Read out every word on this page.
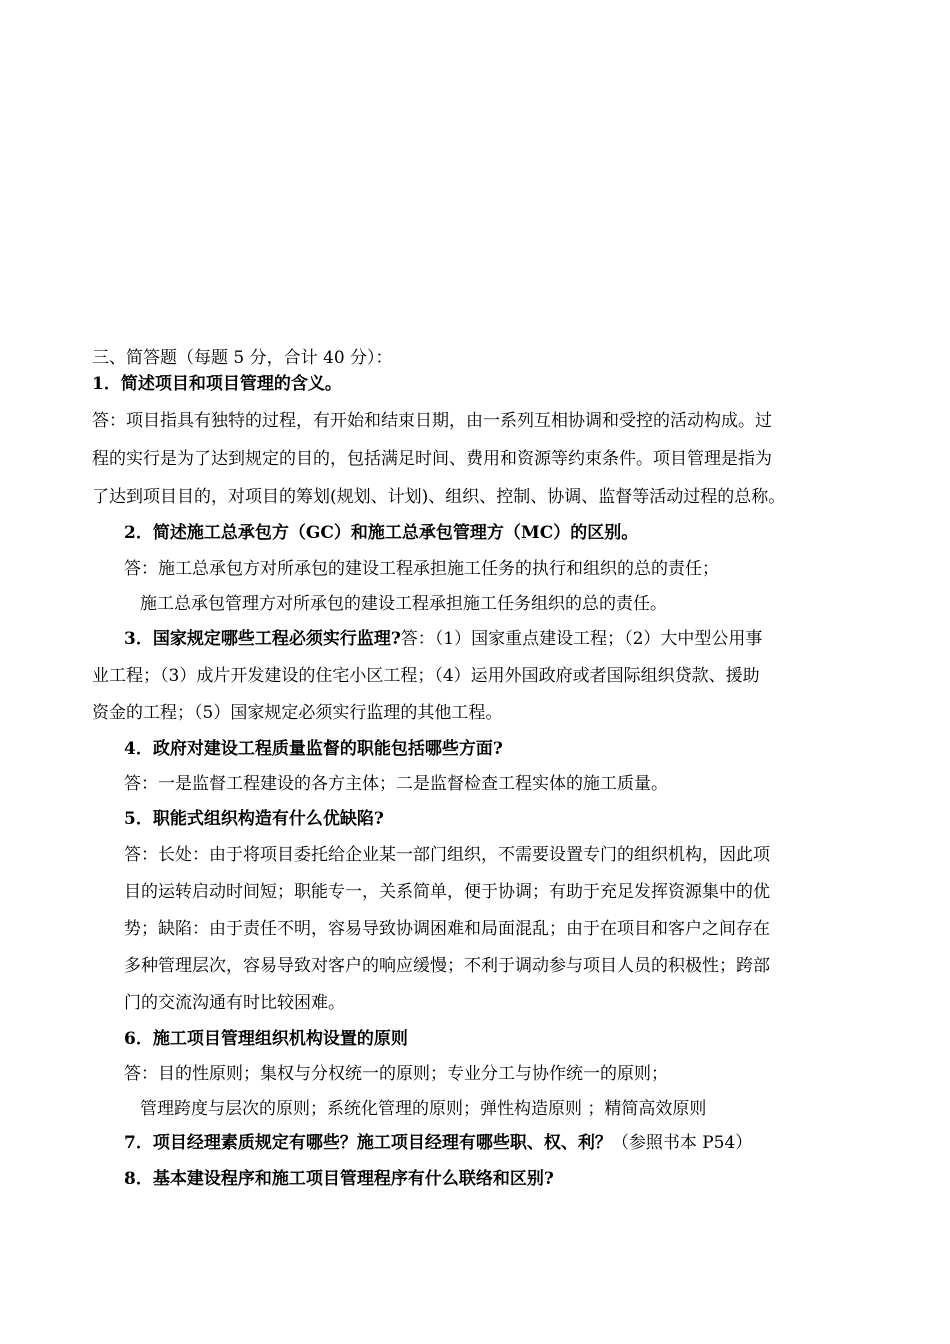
三、简答题（每题 5 分，合计 40 分）：
1．简述项目和项目管理的含义。
答：项目指具有独特的过程，有开始和结束日期，由一系列互相协调和受控的活动构成。过
程的实行是为了达到规定的目的，包括满足时间、费用和资源等约束条件。项目管理是指为
了达到项目目的，对项目的筹划(规划、计划)、组织、控制、协调、监督等活动过程的总称。
2．简述施工总承包方（GC）和施工总承包管理方（MC）的区别。
答：施工总承包方对所承包的建设工程承担施工任务的执行和组织的总的责任；
施工总承包管理方对所承包的建设工程承担施工任务组织的总的责任。
3．国家规定哪些工程必须实行监理?答：（1）国家重点建设工程；（2）大中型公用事
业工程；（3）成片开发建设的住宅小区工程；（4）运用外国政府或者国际组织贷款、援助
资金的工程；（5）国家规定必须实行监理的其他工程。
4．政府对建设工程质量监督的职能包括哪些方面?
答：一是监督工程建设的各方主体；二是监督检查工程实体的施工质量。
5．职能式组织构造有什么优缺陷?
答：长处：由于将项目委托给企业某一部门组织，不需要设置专门的组织机构，因此项
目的运转启动时间短；职能专一，关系简单，便于协调；有助于充足发挥资源集中的优
势；缺陷：由于责任不明，容易导致协调困难和局面混乱；由于在项目和客户之间存在
多种管理层次，容易导致对客户的响应缓慢；不利于调动参与项目人员的积极性；跨部
门的交流沟通有时比较困难。
6．施工项目管理组织机构设置的原则
答：目的性原则；集权与分权统一的原则；专业分工与协作统一的原则；
管理跨度与层次的原则；系统化管理的原则；弹性构造原则 ；精简高效原则
7．项目经理素质规定有哪些？施工项目经理有哪些职、权、利？（参照书本 P54）
8．基本建设程序和施工项目管理程序有什么联络和区别?
